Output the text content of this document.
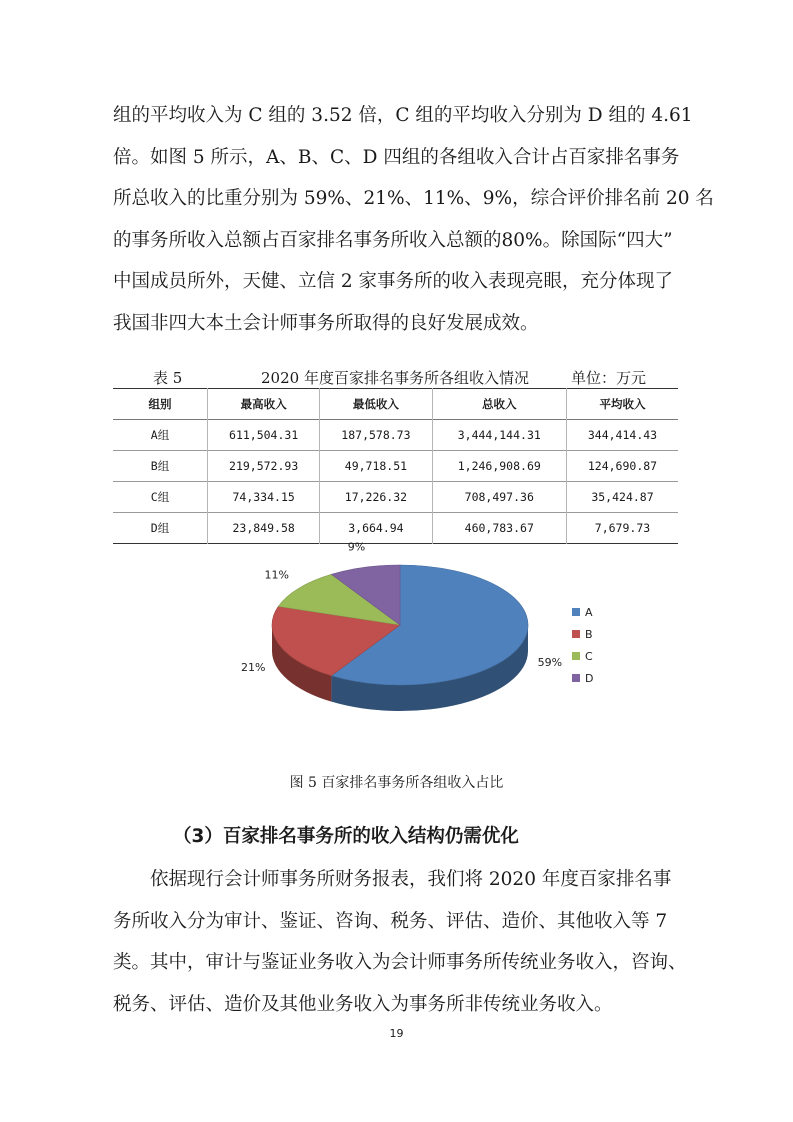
组的平均收入为 C 组的 3.52 倍，C 组的平均收入分别为 D 组的 4.61

倍。如图 5 所示，A、B、C、D 四组的各组收入合计占百家排名事务

所总收入的比重分别为 59%、21%、11%、9%，综合评价排名前 20 名

的事务所收入总额占百家排名事务所收入总额的80%。除国际“四大”

中国成员所外，天健、立信 2 家事务所的收入表现亮眼，充分体现了

我国非四大本土会计师事务所取得的良好发展成效。

表 5	2020 年度百家排名事务所各组收入情况	单位：万元
组别	最高收入	最低收入	总收入	平均收入
A组	611,504.31	187,578.73	3,444,144.31	344,414.43
B组	219,572.93	49,718.51	1,246,908.69	124,690.87
C组	74,334.15	17,226.32	708,497.36	35,424.87
D组	23,849.58	3,664.94	460,783.67	7,679.73
59%
21%
11%
9%
A
B
C
D
图 5 百家排名事务所各组收入占比
（3）百家排名事务所的收入结构仍需优化

　　依据现行会计师事务所财务报表，我们将 2020 年度百家排名事

务所收入分为审计、鉴证、咨询、税务、评估、造价、其他收入等 7

类。其中，审计与鉴证业务收入为会计师事务所传统业务收入，咨询、

税务、评估、造价及其他业务收入为事务所非传统业务收入。

19
